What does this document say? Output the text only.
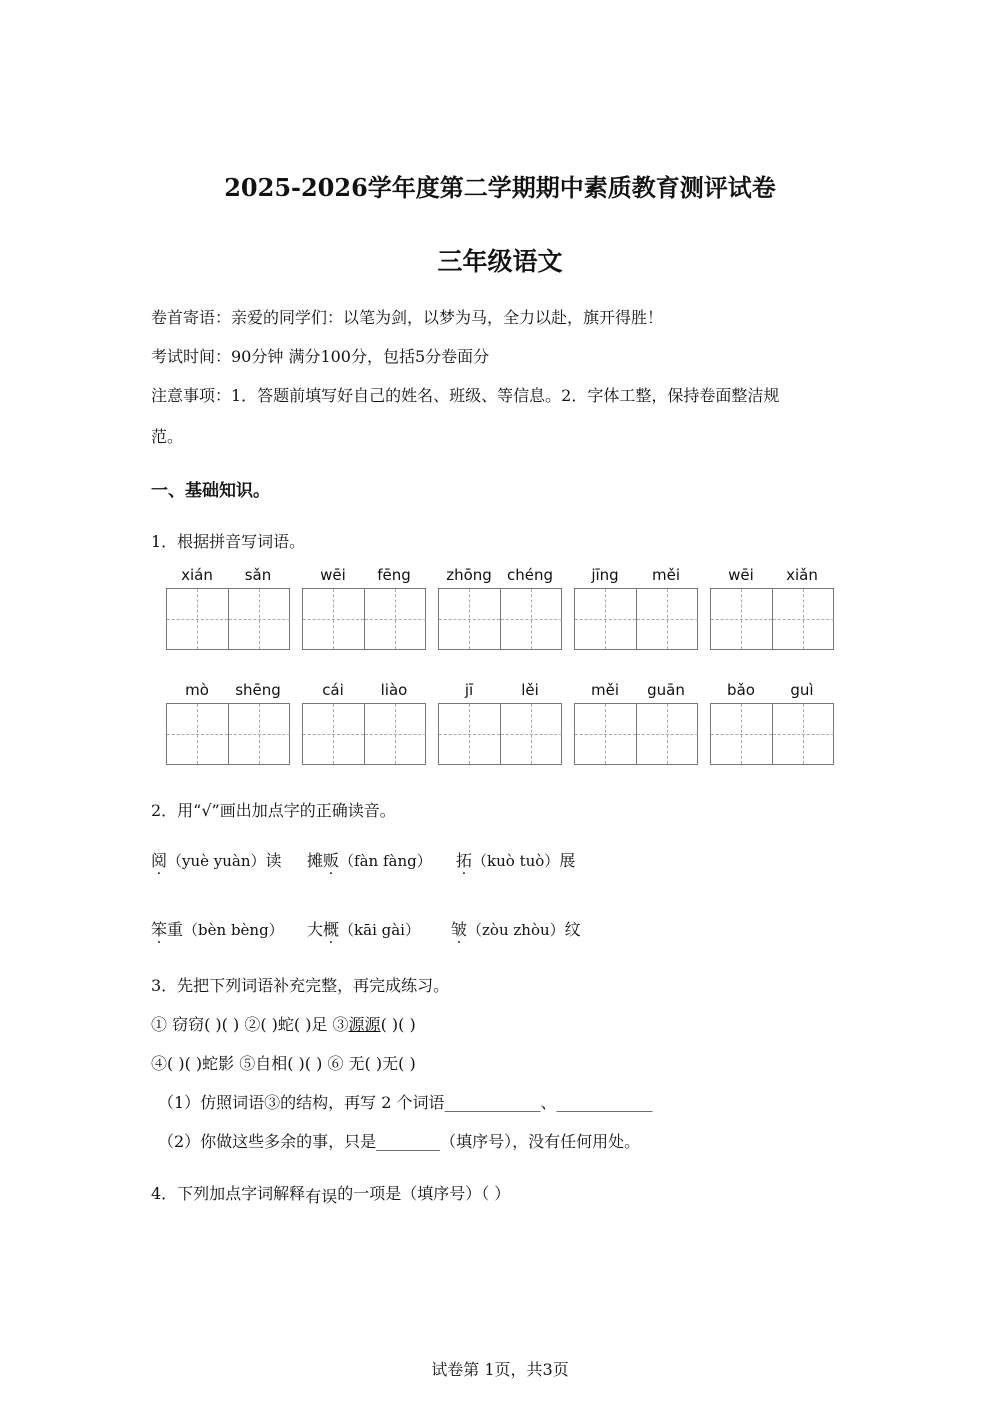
2025-2026学年度第二学期期中素质教育测评试卷
三年级语文
卷首寄语：亲爱的同学们：以笔为剑，以梦为马，全力以赴，旗开得胜！
考试时间：90分钟 满分100分，包括5分卷面分
注意事项：1．答题前填写好自己的姓名、班级、等信息。2．字体工整，保持卷面整洁规
范。
一、基础知识。
1．根据拼音写词语。
xián	sǎn	wēi	fēng	zhōng	chéng	jīng	měi	wēi	xiǎn
mò	shēng	cái	liào	jī	lěi	měi	guān	bǎo	guì
2．用“√”画出加点字的正确读音。
阅（yuè yuàn）读 摊贩（fàn fàng） 拓（kuò tuò）展
笨重（bèn bèng） 大概（kāi gài） 皱（zòu zhòu）纹
3．先把下列词语补充完整，再完成练习。
① 窃窃( )( ) ②( )蛇( )足 ③源源( )( )
④( )( )蛇影 ⑤自相( )( ) ⑥ 无( )无( )
（1）仿照词语③的结构，再写 2 个词语____________、____________
（2）你做这些多余的事，只是________（填序号），没有任何用处。
4．下列加点字词解释有误的一项是（填序号）（ ）
试卷第 1页，共3页
